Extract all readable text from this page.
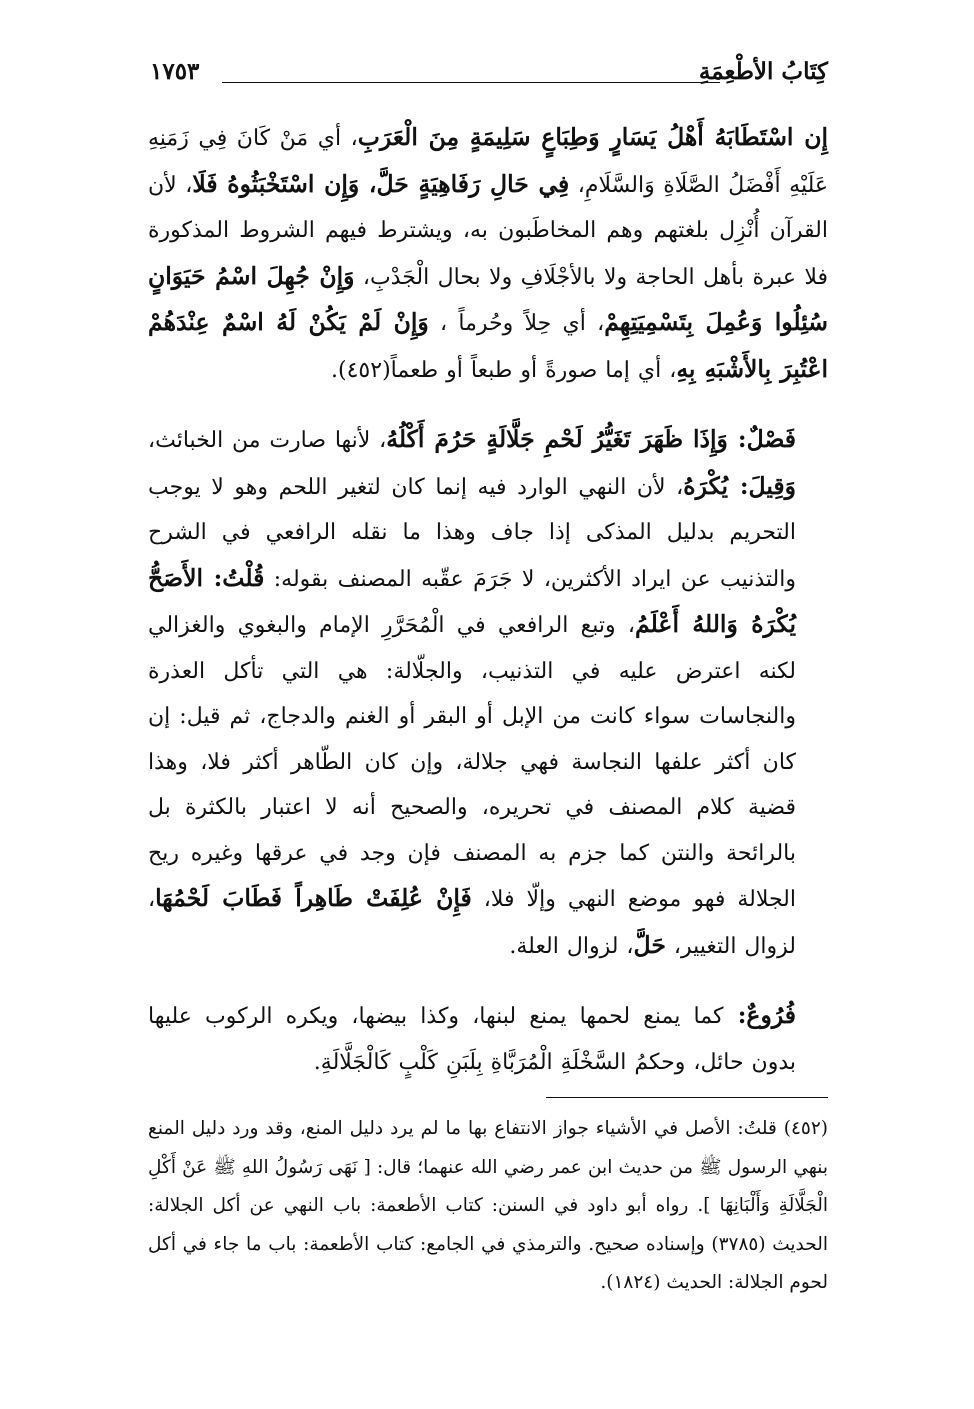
كِتَابُ الأطْعِمَةِ
١٧٥٣

إِن اسْتَطَابَهُ أَهْلُ يَسَارٍ وَطِبَاعٍ سَلِيمَةٍ مِنَ الْعَرَبِ، أي مَنْ كَانَ فِي زَمَنِهِ عَلَيْهِ أَفْضَلُ الصَّلَاةِ وَالسَّلَامِ، فِي حَالِ رَفَاهِيَةٍ حَلَّ، وَإِن اسْتَخْبَثُوهُ فَلَا، لأن القرآن أُنْزِل بلغتهم وهم المخاطَبون به، ويشترط فيهم الشروط المذكورة فلا عبرة بأهل الحاجة ولا بالأجْلَافِ ولا بحال الْجَدْبِ، وَإِنْ جُهِلَ اسْمُ حَيَوَانٍ سُئِلُوا وَعُمِلَ بِتَسْمِيَتِهِمْ، أي حِلاً وحُرماً ، وَإِنْ لَمْ يَكُنْ لَهُ اسْمٌ عِنْدَهُمْ اعْتُبِرَ بِالأَشْبَهِ بِهِ، أي إما صورةً أو طبعاً أو طعماً(٤٥٢).

فَصْلٌ: وَإِذَا ظَهَرَ تَغَيُّرُ لَحْمِ جَلَّالَةٍ حَرُمَ أَكْلُهُ، لأنها صارت من الخبائث، وَقِيلَ: يُكْرَهُ، لأن النهي الوارد فيه إنما كان لتغير اللحم وهو لا يوجب التحريم بدليل المذكى إذا جاف وهذا ما نقله الرافعي في الشرح والتذنيب عن ايراد الأكثرين، لا جَرَمَ عقّبه المصنف بقوله: قُلْتُ: الأَصَحُّ يُكْرَهُ وَاللهُ أَعْلَمُ، وتبع الرافعي في الْمُحَرَّرِ الإمام والبغوي والغزالي لكنه اعترض عليه في التذنيب، والجلّالة: هي التي تأكل العذرة والنجاسات سواء كانت من الإبل أو البقر أو الغنم والدجاج، ثم قيل: إن كان أكثر علفها النجاسة فهي جلالة، وإن كان الطّاهر أكثر فلا، وهذا قضية كلام المصنف في تحريره، والصحيح أنه لا اعتبار بالكثرة بل بالرائحة والنتن كما جزم به المصنف فإن وجد في عرقها وغيره ريح الجلالة فهو موضع النهي وإلّا فلا، فَإِنْ عُلِفَتْ طَاهِراً فَطَابَ لَحْمُهَا، لزوال التغيير، حَلَّ، لزوال العلة.

فُرُوعٌ: كما يمنع لحمها يمنع لبنها، وكذا بيضها، ويكره الركوب عليها بدون حائل، وحكمُ السَّخْلَةِ الْمُرَبَّاةِ بِلَبَنِ كَلْبٍ كَالْجَلَّالَةِ.

(٤٥٢) قلتُ: الأصل في الأشياء جواز الانتفاع بها ما لم يرد دليل المنع، وقد ورد دليل المنع بنهي الرسول ﷺ من حديث ابن عمر رضي الله عنهما؛ قال: [ نَهَى رَسُولُ اللهِ ﷺ عَنْ أَكْلِ الْجَلَّالَةِ وَأَلْبَانِهَا ]. رواه أبو داود في السنن: كتاب الأطعمة: باب النهي عن أكل الجلالة: الحديث (٣٧٨٥) وإسناده صحيح. والترمذي في الجامع: كتاب الأطعمة: باب ما جاء في أكل لحوم الجلالة: الحديث (١٨٢٤).
